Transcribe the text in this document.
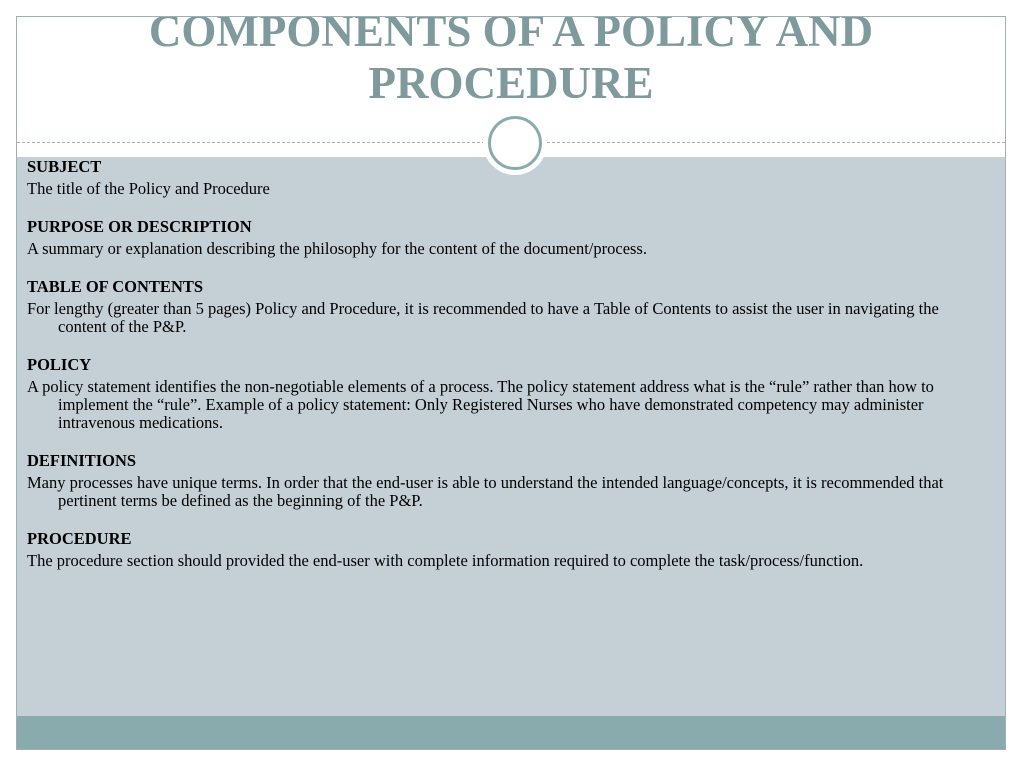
COMPONENTS OF A POLICY AND
PROCEDURE
SUBJECT

The title of the Policy and Procedure

PURPOSE OR DESCRIPTION

A summary or explanation describing the philosophy for the content of the document/process.

TABLE OF CONTENTS

For lengthy (greater than 5 pages) Policy and Procedure, it is recommended to have a Table of Contents to assist the user in navigating the content of the P&P.

POLICY

A policy statement identifies the non-negotiable elements of a process. The policy statement address what is the “rule” rather than how to implement the “rule”. Example of a policy statement: Only Registered Nurses who have demonstrated competency may administer intravenous medications.

DEFINITIONS

Many processes have unique terms. In order that the end-user is able to understand the intended language/concepts, it is recommended that pertinent terms be defined as the beginning of the P&P.

PROCEDURE

The procedure section should provided the end-user with complete information required to complete the task/process/function.
